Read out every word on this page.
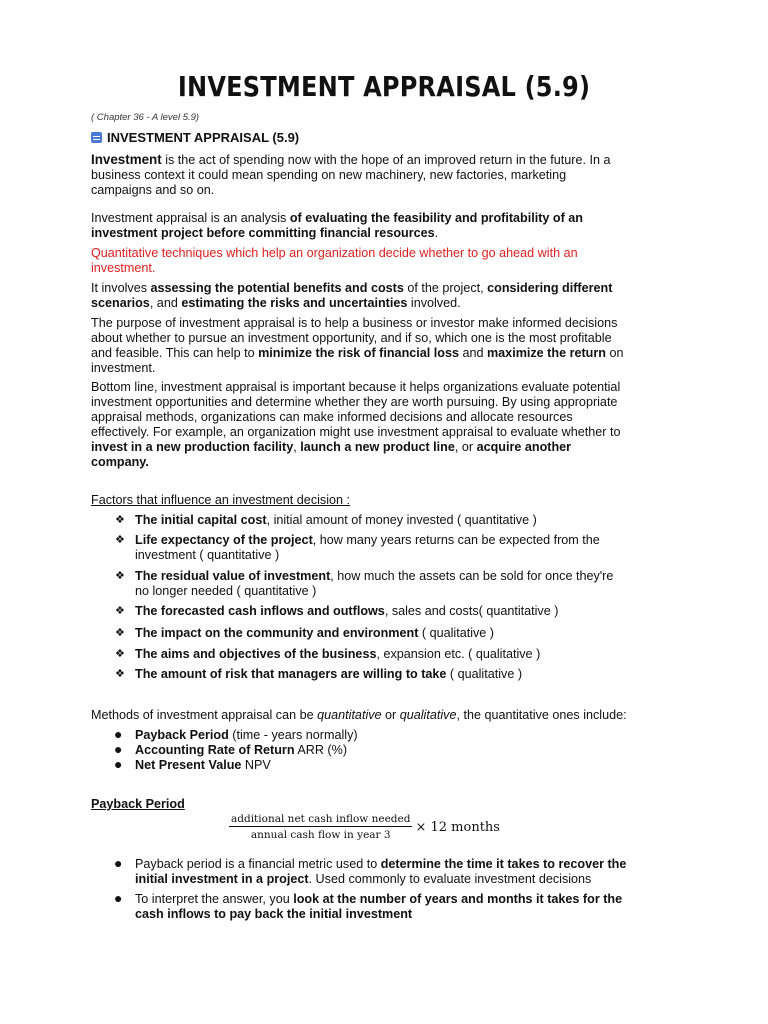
INVESTMENT APPRAISAL (5.9)
( Chapter 36 - A level 5.9)
INVESTMENT APPRAISAL (5.9)
Investment is the act of spending now with the hope of an improved return in the future. In a
business context it could mean spending on new machinery, new factories, marketing
campaigns and so on.
Investment appraisal is an analysis of evaluating the feasibility and profitability of an
investment project before committing financial resources.
Quantitative techniques which help an organization decide whether to go ahead with an
investment.
It involves assessing the potential benefits and costs of the project, considering different
scenarios, and estimating the risks and uncertainties involved.
The purpose of investment appraisal is to help a business or investor make informed decisions
about whether to pursue an investment opportunity, and if so, which one is the most profitable
and feasible. This can help to minimize the risk of financial loss and maximize the return on
investment.
Bottom line, investment appraisal is important because it helps organizations evaluate potential
investment opportunities and determine whether they are worth pursuing. By using appropriate
appraisal methods, organizations can make informed decisions and allocate resources
effectively. For example, an organization might use investment appraisal to evaluate whether to
invest in a new production facility, launch a new product line, or acquire another
company.
Factors that influence an investment decision :
❖ The initial capital cost, initial amount of money invested ( quantitative )
❖ Life expectancy of the project, how many years returns can be expected from the
investment ( quantitative )
❖ The residual value of investment, how much the assets can be sold for once they're
no longer needed ( quantitative )
❖ The forecasted cash inflows and outflows, sales and costs( quantitative )
❖ The impact on the community and environment ( qualitative )
❖ The aims and objectives of the business, expansion etc. ( qualitative )
❖ The amount of risk that managers are willing to take ( qualitative )
Methods of investment appraisal can be quantitative or qualitative, the quantitative ones include:
● Payback Period (time - years normally)
● Accounting Rate of Return ARR (%)
● Net Present Value NPV
Payback Period
$\frac{\text{additional net cash inflow needed}}{\text{annual cash flow in year 3}} \times 12$ months
● Payback period is a financial metric used to determine the time it takes to recover the
initial investment in a project. Used commonly to evaluate investment decisions
● To interpret the answer, you look at the number of years and months it takes for the
cash inflows to pay back the initial investment
